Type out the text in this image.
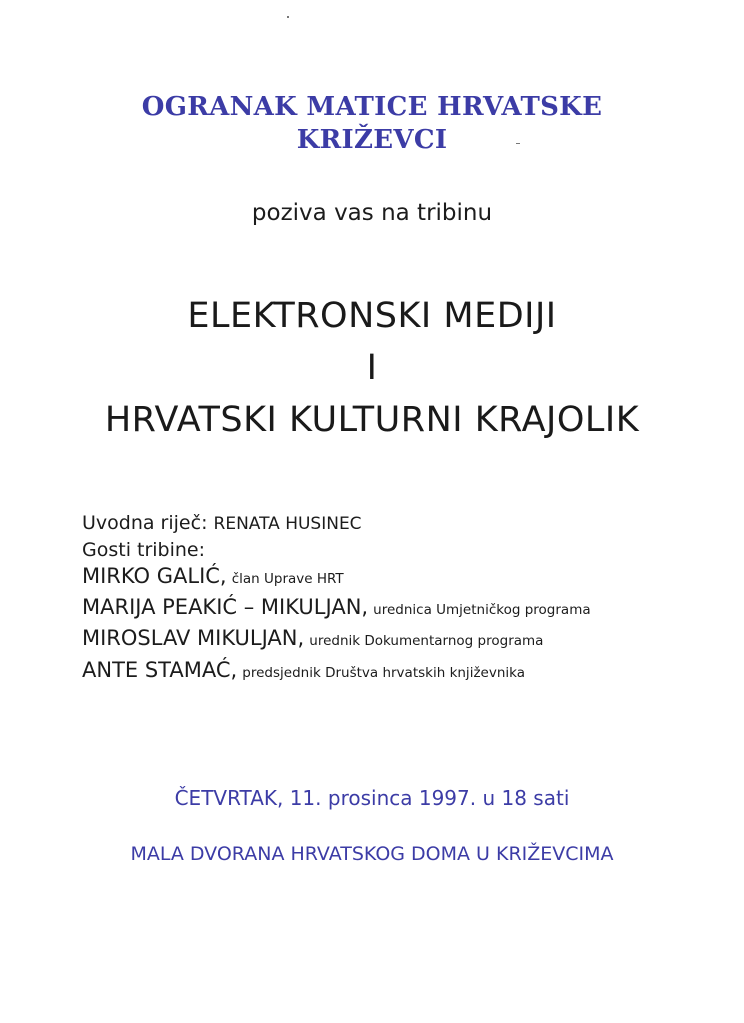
OGRANAK MATICE HRVATSKE
KRIŽEVCI
poziva vas na tribinu
ELEKTRONSKI MEDIJI
I
HRVATSKI KULTURNI KRAJOLIK
Uvodna riječ: RENATA HUSINEC
Gosti tribine:
MIRKO GALIĆ, član Uprave HRT
MARIJA PEAKIĆ – MIKULJAN, urednica Umjetničkog programa
MIROSLAV MIKULJAN, urednik Dokumentarnog programa
ANTE STAMAĆ, predsjednik Društva hrvatskih književnika
ČETVRTAK, 11. prosinca 1997. u 18 sati
MALA DVORANA HRVATSKOG DOMA U KRIŽEVCIMA
